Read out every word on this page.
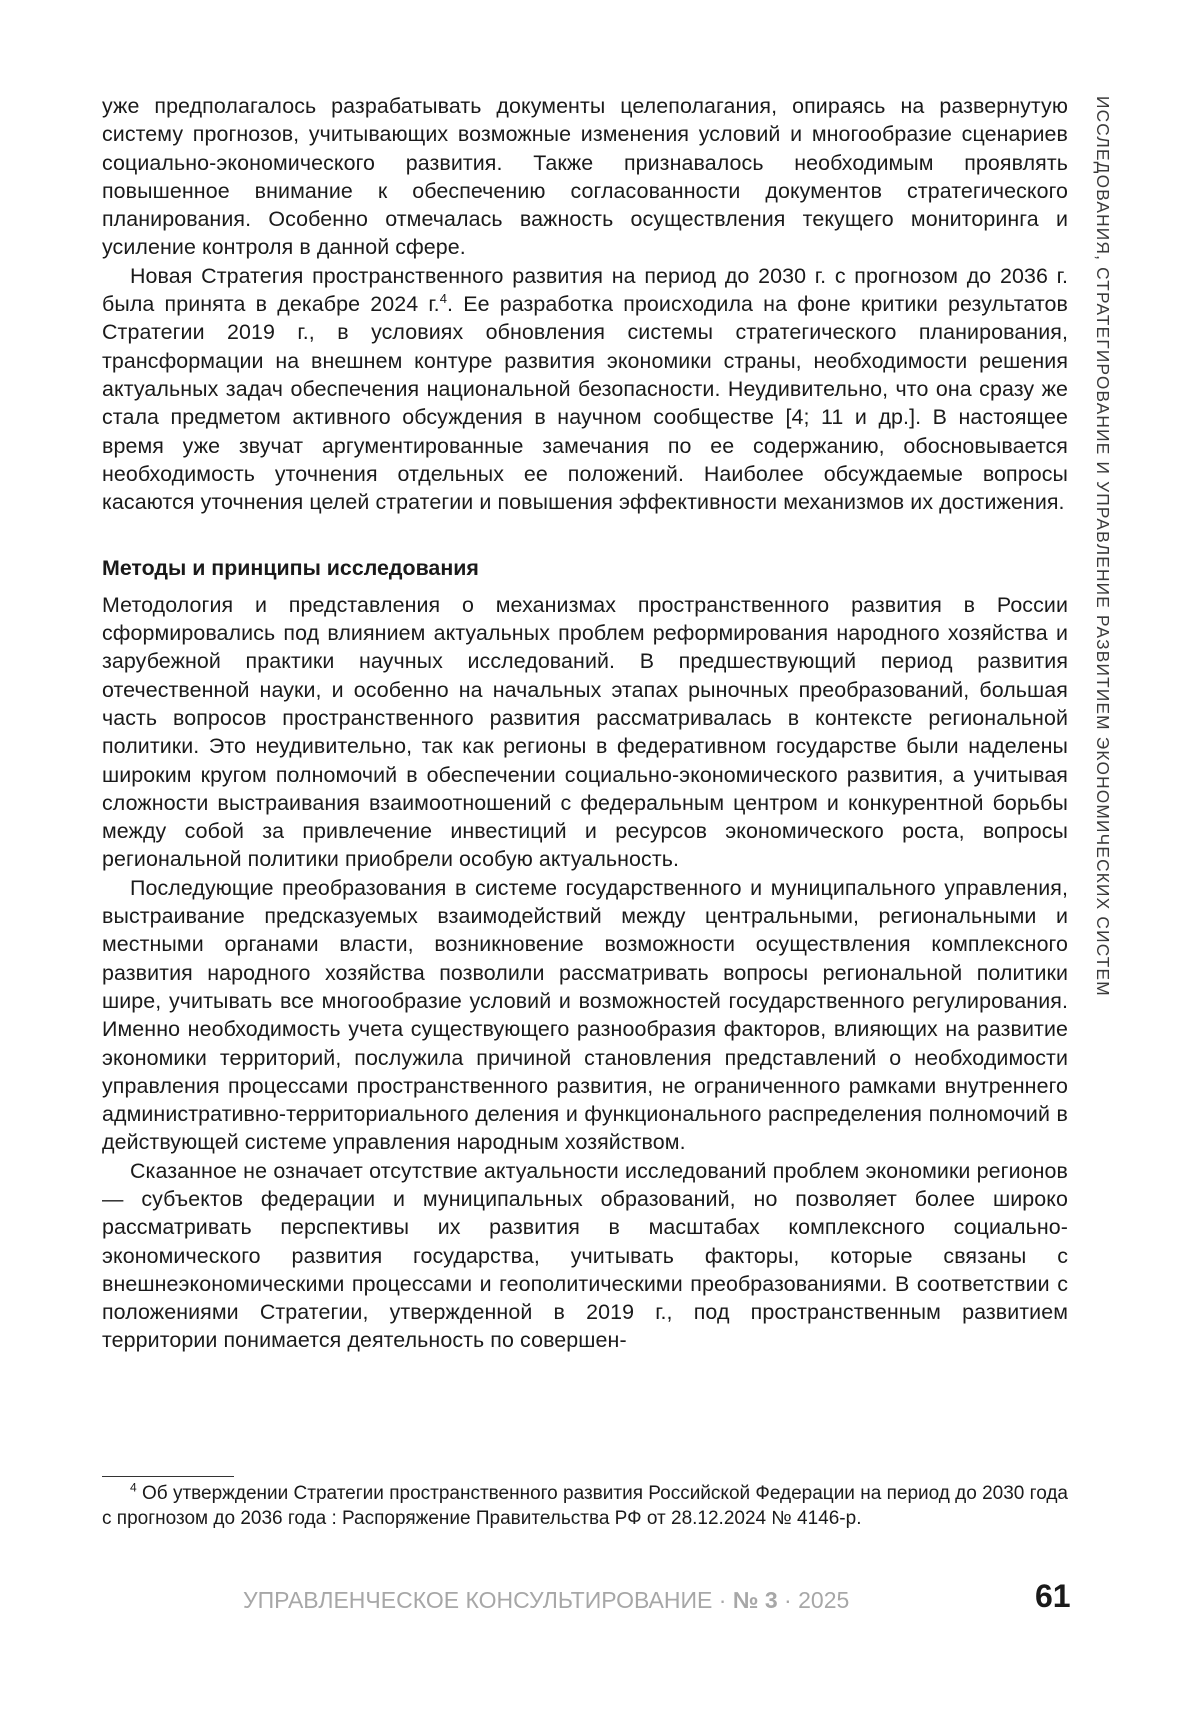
ИССЛЕДОВАНИЯ, СТРАТЕГИРОВАНИЕ И УПРАВЛЕНИЕ РАЗВИТИЕМ ЭКОНОМИЧЕСКИХ СИСТЕМ

уже предполагалось разрабатывать документы целеполагания, опираясь на развернутую систему прогнозов, учитывающих возможные изменения условий и многообразие сценариев социально-экономического развития. Также признавалось необходимым проявлять повышенное внимание к обеспечению согласованности документов стратегического планирования. Особенно отмечалась важность осуществления текущего мониторинга и усиление контроля в данной сфере.

Новая Стратегия пространственного развития на период до 2030 г. с прогнозом до 2036 г. была принята в декабре 2024 г.$^4$. Ее разработка происходила на фоне критики результатов Стратегии 2019 г., в условиях обновления системы стратегического планирования, трансформации на внешнем контуре развития экономики страны, необходимости решения актуальных задач обеспечения национальной безопасности. Неудивительно, что она сразу же стала предметом активного обсуждения в научном сообществе [4; 11 и др.]. В настоящее время уже звучат аргументированные замечания по ее содержанию, обосновывается необходимость уточнения отдельных ее положений. Наиболее обсуждаемые вопросы касаются уточнения целей стратегии и повышения эффективности механизмов их достижения.

Методы и принципы исследования

Методология и представления о механизмах пространственного развития в России сформировались под влиянием актуальных проблем реформирования народного хозяйства и зарубежной практики научных исследований. В предшествующий период развития отечественной науки, и особенно на начальных этапах рыночных преобразований, большая часть вопросов пространственного развития рассматривалась в контексте региональной политики. Это неудивительно, так как регионы в федеративном государстве были наделены широким кругом полномочий в обеспечении социально-экономического развития, а учитывая сложности выстраивания взаимоотношений с федеральным центром и конкурентной борьбы между собой за привлечение инвестиций и ресурсов экономического роста, вопросы региональной политики приобрели особую актуальность.

Последующие преобразования в системе государственного и муниципального управления, выстраивание предсказуемых взаимодействий между центральными, региональными и местными органами власти, возникновение возможности осуществления комплексного развития народного хозяйства позволили рассматривать вопросы региональной политики шире, учитывать все многообразие условий и возможностей государственного регулирования. Именно необходимость учета существующего разнообразия факторов, влияющих на развитие экономики территорий, послужила причиной становления представлений о необходимости управления процессами пространственного развития, не ограниченного рамками внутреннего административно-территориального деления и функционального распределения полномочий в действующей системе управления народным хозяйством.

Сказанное не означает отсутствие актуальности исследований проблем экономики регионов — субъектов федерации и муниципальных образований, но позволяет более широко рассматривать перспективы их развития в масштабах комплексного социально-экономического развития государства, учитывать факторы, которые связаны с внешнеэкономическими процессами и геополитическими преобразованиями. В соответствии с положениями Стратегии, утвержденной в 2019 г., под пространственным развитием территории понимается деятельность по совершен-

$^4$ Об утверждении Стратегии пространственного развития Российской Федерации на период до 2030 года с прогнозом до 2036 года : Распоряжение Правительства РФ от 28.12.2024 № 4146-р.

УПРАВЛЕНЧЕСКОЕ КОНСУЛЬТИРОВАНИЕ · № 3 · 2025	61
